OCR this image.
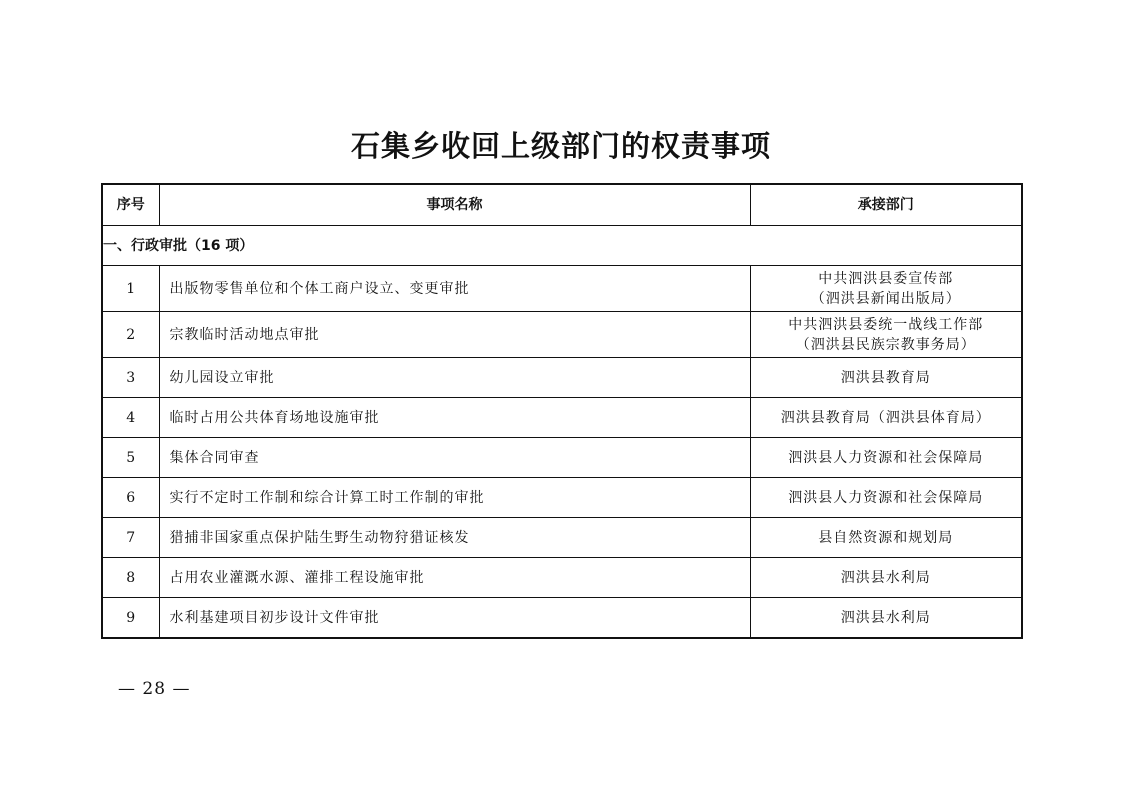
石集乡收回上级部门的权责事项
序号	事项名称	承接部门
一、行政审批（16 项）		
1	出版物零售单位和个体工商户设立、变更审批	中共泗洪县委宣传部
（泗洪县新闻出版局）

2	宗教临时活动地点审批	中共泗洪县委统一战线工作部
（泗洪县民族宗教事务局）

3	幼儿园设立审批	泗洪县教育局
4	临时占用公共体育场地设施审批	泗洪县教育局（泗洪县体育局）
5	集体合同审查	泗洪县人力资源和社会保障局
6	实行不定时工作制和综合计算工时工作制的审批	泗洪县人力资源和社会保障局
7	猎捕非国家重点保护陆生野生动物狩猎证核发	县自然资源和规划局
8	占用农业灌溉水源、灌排工程设施审批	泗洪县水利局
9	水利基建项目初步设计文件审批	泗洪县水利局
— 28 —
